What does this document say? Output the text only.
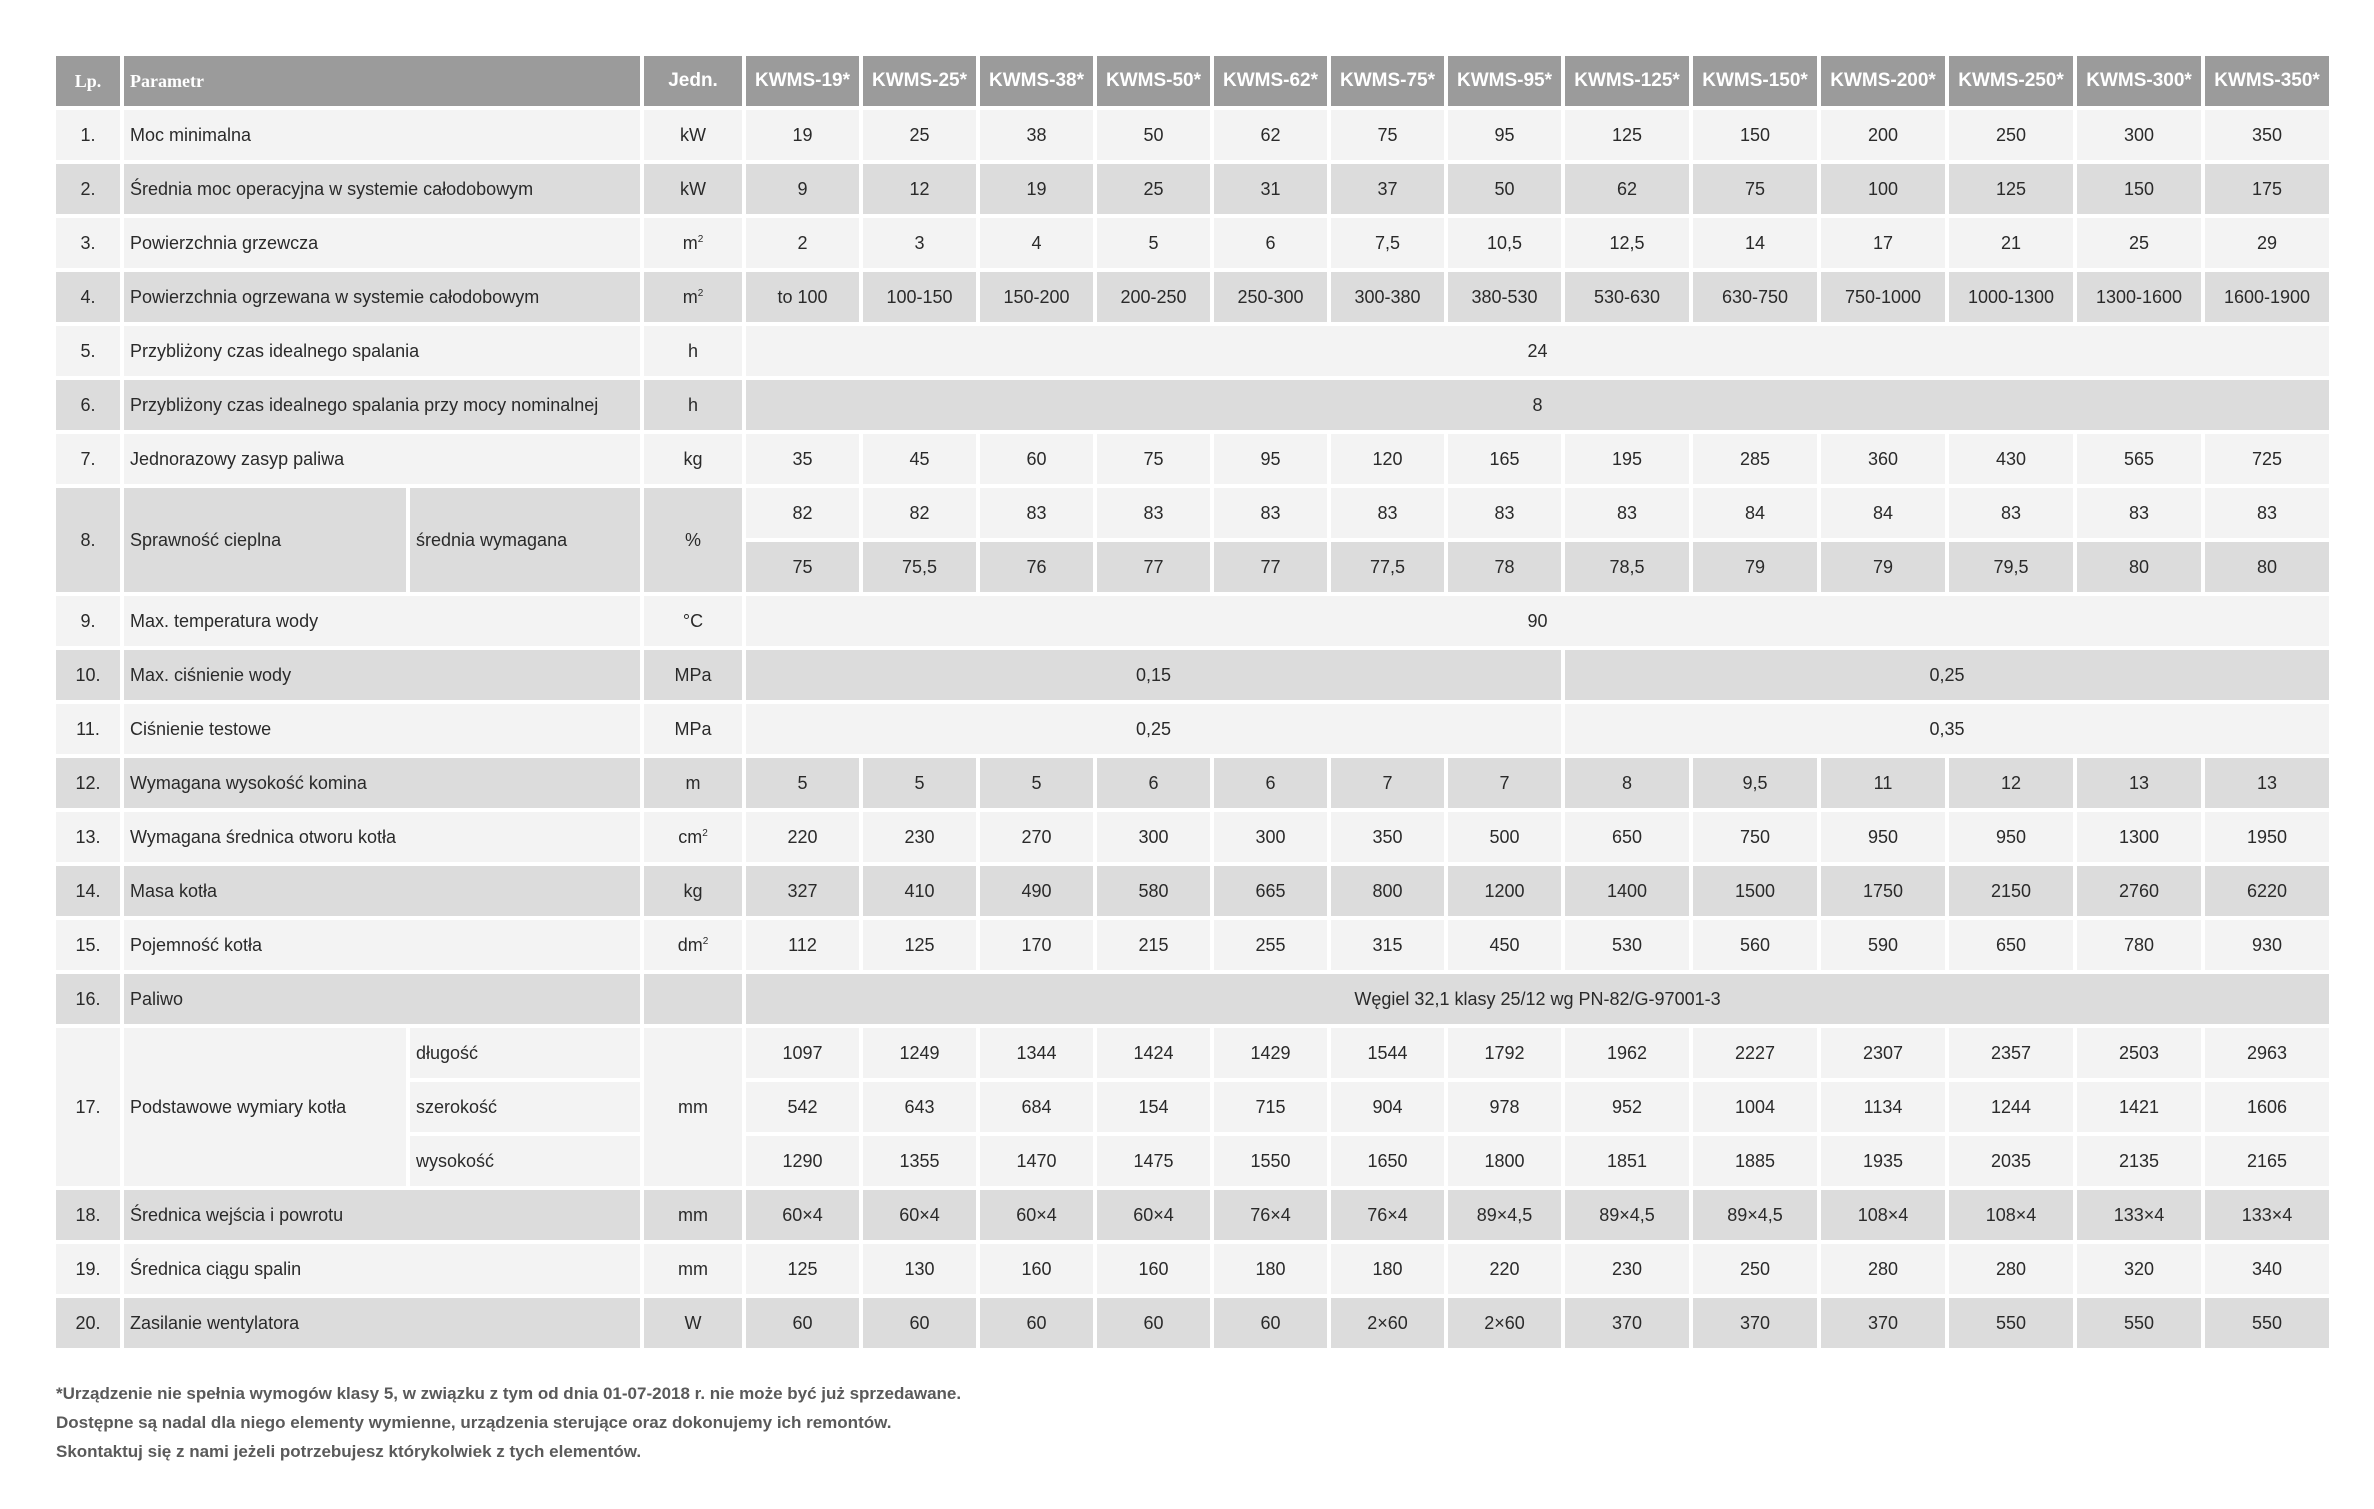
Lp.	Parametr		Jedn.	KWMS-19*	KWMS-25*	KWMS-38*	KWMS-50*	KWMS-62*	KWMS-75*	KWMS-95*	KWMS-125*	KWMS-150*	KWMS-200*	KWMS-250*	KWMS-300*	KWMS-350*
1.	Moc minimalna		kW	19	25	38	50	62	75	95	125	150	200	250	300	350
2.	Średnia moc operacyjna w systemie całodobowym		kW	9	12	19	25	31	37	50	62	75	100	125	150	175
3.	Powierzchnia grzewcza		$m^2$	2	3	4	5	6	7,5	10,5	12,5	14	17	21	25	29
4.	Powierzchnia ogrzewana w systemie całodobowym		$m^2$	to 100	100-150	150-200	200-250	250-300	300-380	380-530	530-630	630-750	750-1000	1000-1300	1300-1600	1600-1900
5.	Przybliżony czas idealnego spalania		h	24												
6.	Przybliżony czas idealnego spalania przy mocy nominalnej		h	8												
7.	Jednorazowy zasyp paliwa		kg	35	45	60	75	95	120	165	195	285	360	430	565	725
8.	Sprawność cieplna	średnia wymagana	%	82	82	83	83	83	83	83	83	84	84	83	83	83
				75	75,5	76	77	77	77,5	78	78,5	79	79	79,5	80	80
9.	Max. temperatura wody		°C	90												
10.	Max. ciśnienie wody		MPa	0,15							0,25					
11.	Ciśnienie testowe		MPa	0,25							0,35					
12.	Wymagana wysokość komina		m	5	5	5	6	6	7	7	8	9,5	11	12	13	13
13.	Wymagana średnica otworu kotła		$cm^2$	220	230	270	300	300	350	500	650	750	950	950	1300	1950
14.	Masa kotła		kg	327	410	490	580	665	800	1200	1400	1500	1750	2150	2760	6220
15.	Pojemność kotła		$dm^2$	112	125	170	215	255	315	450	530	560	590	650	780	930
16.	Paliwo			Węgiel 32,1 klasy 25/12 wg PN-82/G-97001-3												
17.	Podstawowe wymiary kotła	długość	mm	1097	1249	1344	1424	1429	1544	1792	1962	2227	2307	2357	2503	2963
		szerokość		542	643	684	154	715	904	978	952	1004	1134	1244	1421	1606
		wysokość		1290	1355	1470	1475	1550	1650	1800	1851	1885	1935	2035	2135	2165
18.	Średnica wejścia i powrotu		mm	60×4	60×4	60×4	60×4	76×4	76×4	89×4,5	89×4,5	89×4,5	108×4	108×4	133×4	133×4
19.	Średnica ciągu spalin		mm	125	130	160	160	180	180	220	230	250	280	280	320	340
20.	Zasilanie wentylatora		W	60	60	60	60	60	2×60	2×60	370	370	370	550	550	550

*Urządzenie nie spełnia wymogów klasy 5, w związku z tym od dnia 01-07-2018 r. nie może być już sprzedawane.

Dostępne są nadal dla niego elementy wymienne, urządzenia sterujące oraz dokonujemy ich remontów.

Skontaktuj się z nami jeżeli potrzebujesz którykolwiek z tych elementów.
